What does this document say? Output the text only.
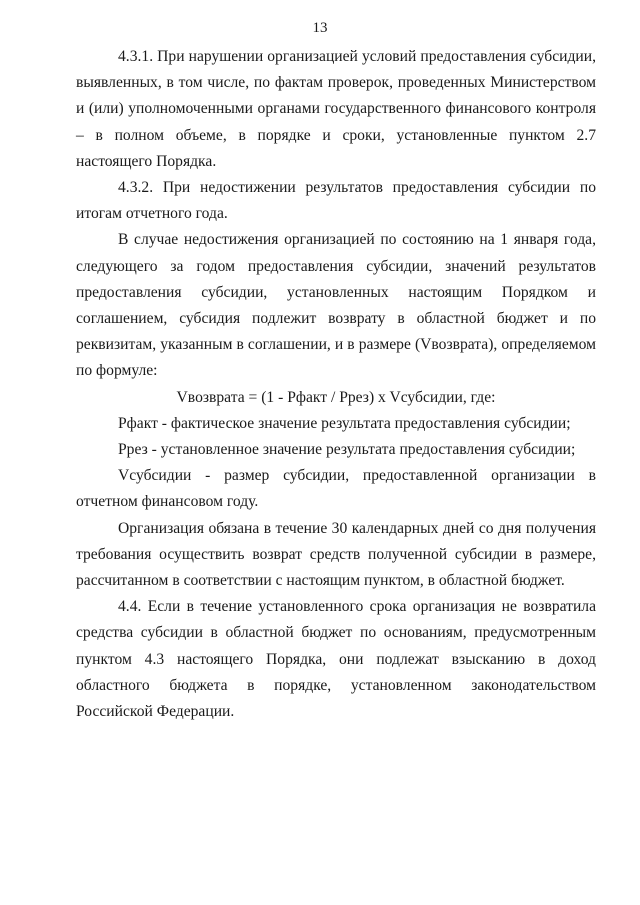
13

4.3.1. При нарушении организацией условий предоставления субсидии, выявленных, в том числе, по фактам проверок, проведенных Министерством и (или) уполномоченными органами государственного финансового контроля – в полном объеме, в порядке и сроки, установленные пунктом 2.7 настоящего Порядка.

4.3.2. При недостижении результатов предоставления субсидии по итогам отчетного года.

В случае недостижения организацией по состоянию на 1 января года, следующего за годом предоставления субсидии, значений результатов предоставления субсидии, установленных настоящим Порядком и соглашением, субсидия подлежит возврату в областной бюджет и по реквизитам, указанным в соглашении, и в размере (Vвозврата), определяемом по формуле:

Vвозврата = (1 - Рфакт / Ррез) x Vсубсидии, где:

Рфакт - фактическое значение результата предоставления субсидии;

Ррез - установленное значение результата предоставления субсидии;

Vсубсидии - размер субсидии, предоставленной организации в отчетном финансовом году.

Организация обязана в течение 30 календарных дней со дня получения требования осуществить возврат средств полученной субсидии в размере, рассчитанном в соответствии с настоящим пунктом, в областной бюджет.

4.4. Если в течение установленного срока организация не возвратила средства субсидии в областной бюджет по основаниям, предусмотренным пунктом 4.3 настоящего Порядка, они подлежат взысканию в доход областного бюджета в порядке, установленном законодательством Российской Федерации.
